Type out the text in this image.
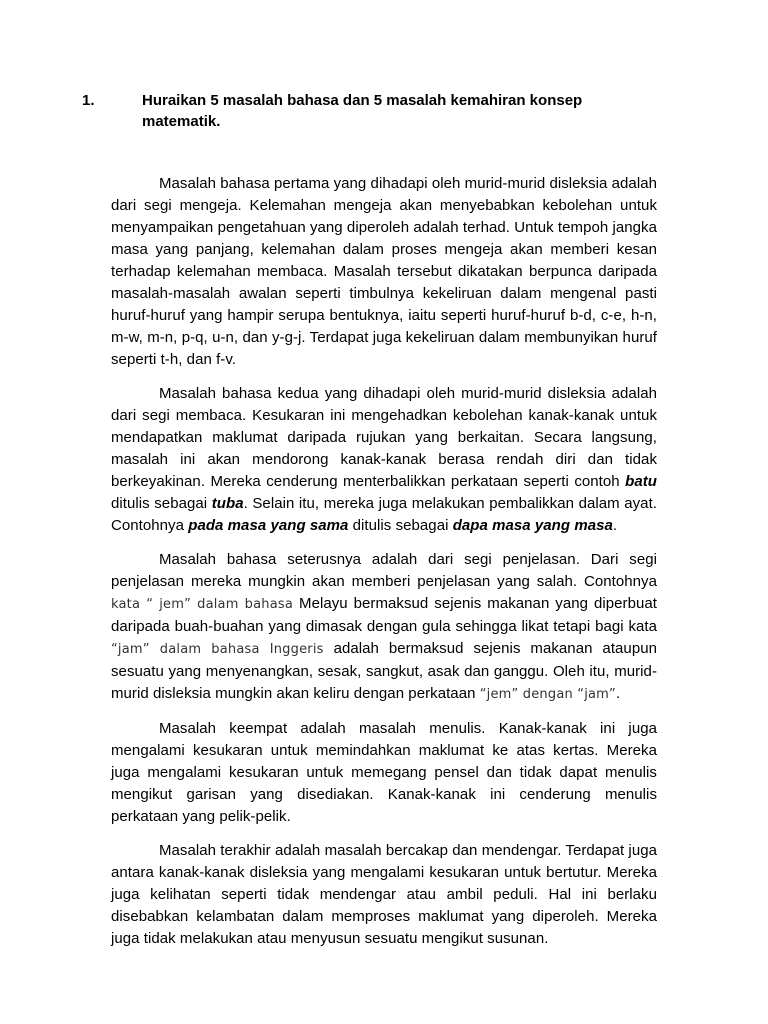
1.	Huraikan 5 masalah bahasa dan 5 masalah kemahiran konsep
matematik.

Masalah bahasa pertama yang dihadapi oleh murid-murid disleksia adalah dari segi mengeja. Kelemahan mengeja akan menyebabkan kebolehan untuk menyampaikan pengetahuan yang diperoleh adalah terhad. Untuk tempoh jangka masa yang panjang, kelemahan dalam proses mengeja akan memberi kesan terhadap kelemahan membaca. Masalah tersebut dikatakan berpunca daripada masalah-masalah awalan seperti timbulnya kekeliruan dalam mengenal pasti huruf-huruf yang hampir serupa bentuknya, iaitu seperti huruf-huruf b-d, c-e, h-n, m-w, m-n, p-q, u-n, dan y-g-j. Terdapat juga kekeliruan dalam membunyikan huruf seperti t-h, dan f-v.

Masalah bahasa kedua yang dihadapi oleh murid-murid disleksia adalah dari segi membaca. Kesukaran ini mengehadkan kebolehan kanak-kanak untuk mendapatkan maklumat daripada rujukan yang berkaitan. Secara langsung, masalah ini akan mendorong kanak-kanak berasa rendah diri dan tidak berkeyakinan. Mereka cenderung menterbalikkan perkataan seperti contoh batu ditulis sebagai tuba. Selain itu, mereka juga melakukan pembalikkan dalam ayat. Contohnya pada masa yang sama ditulis sebagai dapa masa yang masa.

Masalah bahasa seterusnya adalah dari segi penjelasan. Dari segi penjelasan mereka mungkin akan memberi penjelasan yang salah. Contohnya kata “ jem” dalam bahasa Melayu bermaksud sejenis makanan yang diperbuat daripada buah-buahan yang dimasak dengan gula sehingga likat tetapi bagi kata “jam” dalam bahasa Inggeris adalah bermaksud sejenis makanan ataupun sesuatu yang menyenangkan, sesak, sangkut, asak dan ganggu. Oleh itu, murid-murid disleksia mungkin akan keliru dengan perkataan “jem” dengan “jam”.

Masalah keempat adalah masalah menulis. Kanak-kanak ini juga mengalami kesukaran untuk memindahkan maklumat ke atas kertas. Mereka juga mengalami kesukaran untuk memegang pensel dan tidak dapat menulis mengikut garisan yang disediakan. Kanak-kanak ini cenderung menulis perkataan yang pelik-pelik.

Masalah terakhir adalah masalah bercakap dan mendengar. Terdapat juga antara kanak-kanak disleksia yang mengalami kesukaran untuk bertutur. Mereka juga kelihatan seperti tidak mendengar atau ambil peduli. Hal ini berlaku disebabkan kelambatan dalam memproses maklumat yang diperoleh. Mereka juga tidak melakukan atau menyusun sesuatu mengikut susunan.
